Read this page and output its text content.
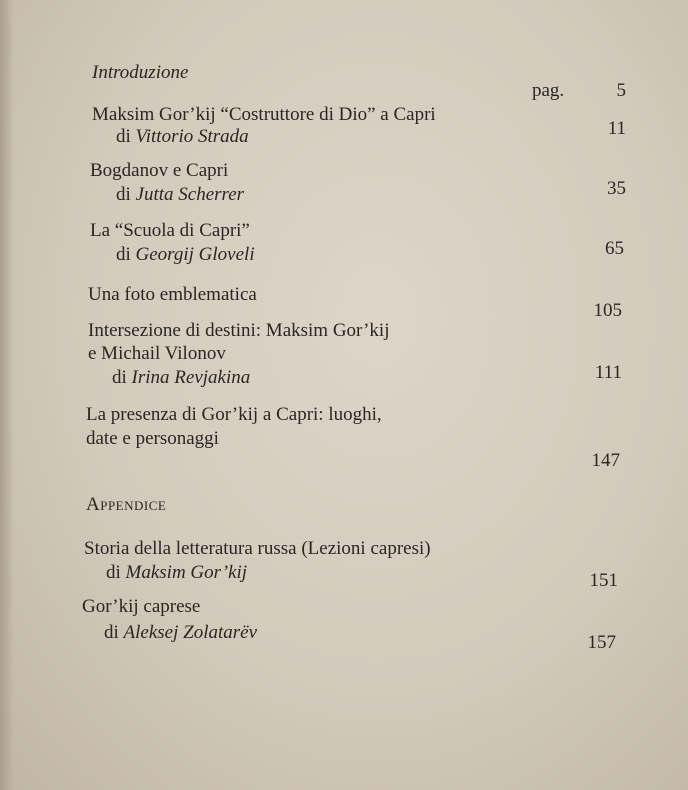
Introduzione
pag.	5
Maksim Gor’kij “Costruttore di Dio” a Capri
di Vittorio Strada	11
Bogdanov e Capri
di Jutta Scherrer	35
La “Scuola di Capri”
di Georgij Gloveli	65
Una foto emblematica
105
Intersezione di destini: Maksim Gor’kij
e Michail Vilonov
di Irina Revjakina	111
La presenza di Gor’kij a Capri: luoghi,
date e personaggi
147
Appendice
Storia della letteratura russa (Lezioni capresi)
di Maksim Gor’kij	151
Gor’kij caprese
di Aleksej Zolatarëv	157
